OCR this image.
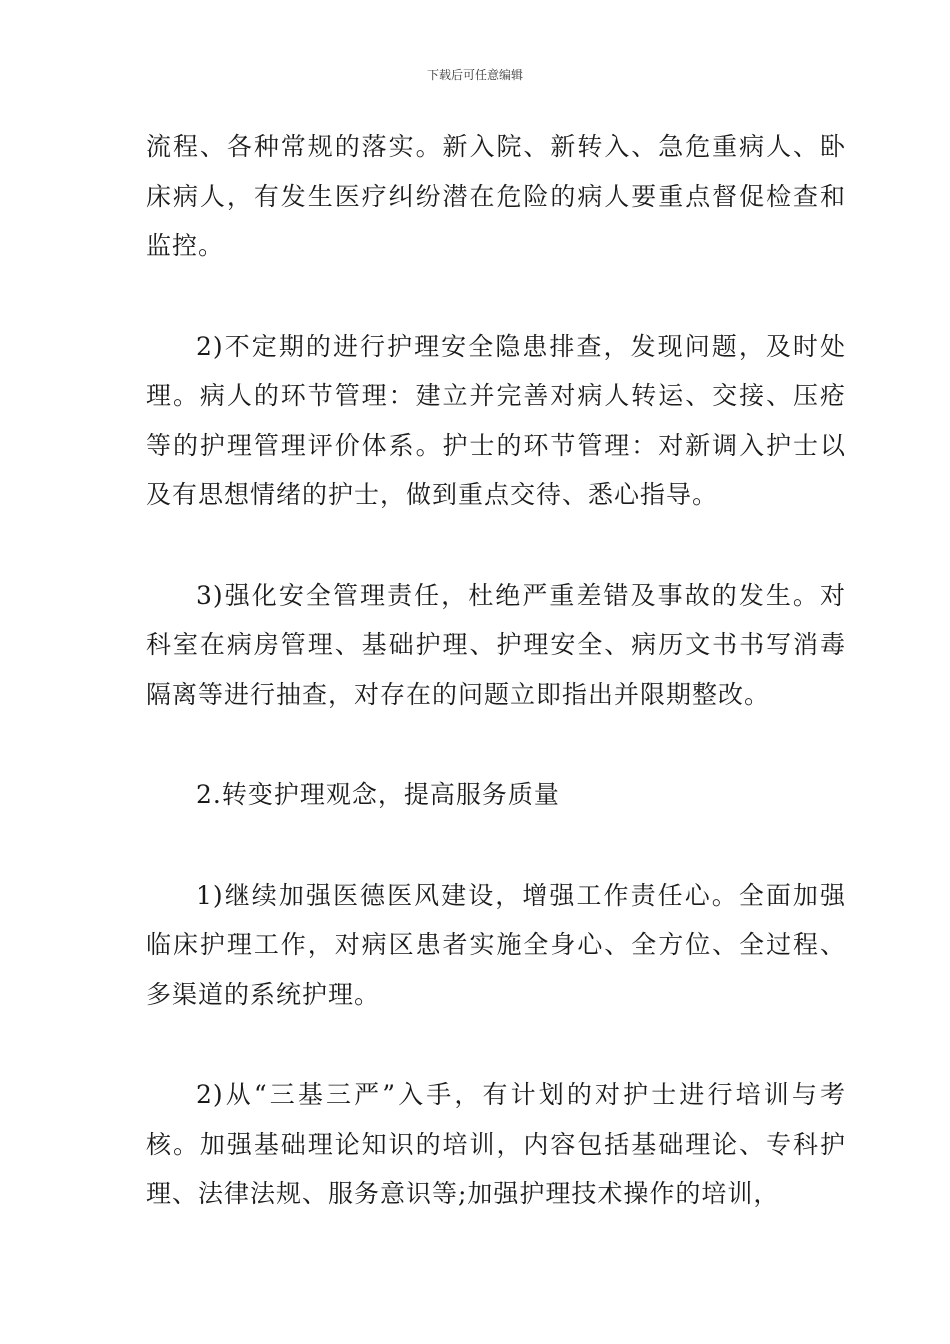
下载后可任意编辑

流程、各种常规的落实。新入院、新转入、急危重病人、卧床病人，有发生医疗纠纷潜在危险的病人要重点督促检查和监控。

2)不定期的进行护理安全隐患排查，发现问题，及时处理。病人的环节管理：建立并完善对病人转运、交接、压疮等的护理管理评价体系。护士的环节管理：对新调入护士以及有思想情绪的护士，做到重点交待、悉心指导。

3)强化安全管理责任，杜绝严重差错及事故的发生。对科室在病房管理、基础护理、护理安全、病历文书书写消毒隔离等进行抽查，对存在的问题立即指出并限期整改。

2.转变护理观念，提高服务质量

1)继续加强医德医风建设，增强工作责任心。全面加强临床护理工作，对病区患者实施全身心、全方位、全过程、多渠道的系统护理。

2)从“三基三严”入手，有计划的对护士进行培训与考核。加强基础理论知识的培训，内容包括基础理论、专科护理、法律法规、服务意识等;加强护理技术操作的培训，
